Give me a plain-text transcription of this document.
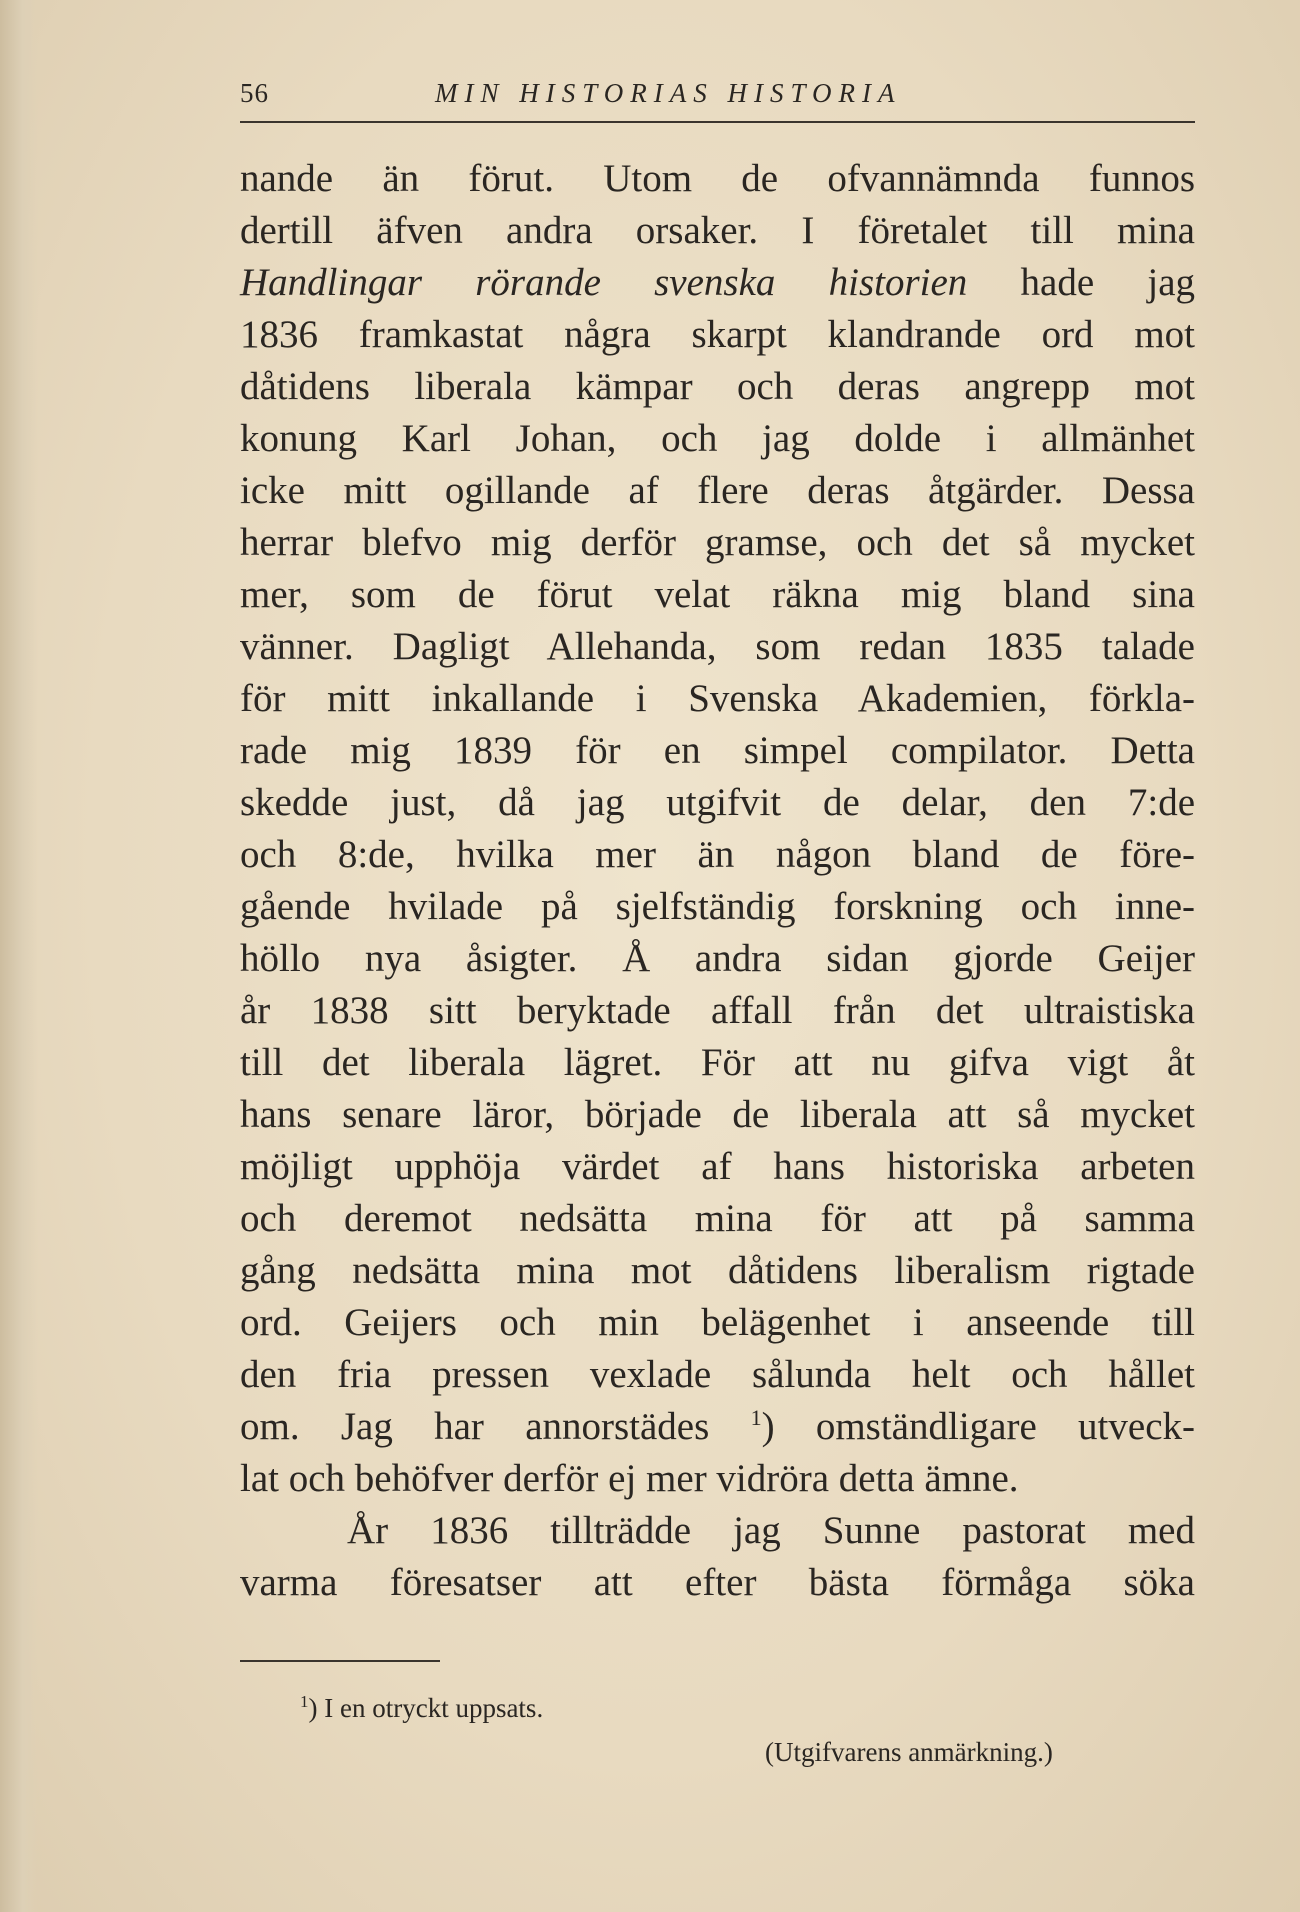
56	MIN HISTORIAS HISTORIA
nande än förut. Utom de ofvannämnda funnos
dertill äfven andra orsaker. I företalet till mina
Handlingar rörande svenska historien hade jag
1836 framkastat några skarpt klandrande ord mot
dåtidens liberala kämpar och deras angrepp mot
konung Karl Johan, och jag dolde i allmänhet
icke mitt ogillande af flere deras åtgärder. Dessa
herrar blefvo mig derför gramse, och det så mycket
mer, som de förut velat räkna mig bland sina
vänner. Dagligt Allehanda, som redan 1835 talade
för mitt inkallande i Svenska Akademien, förkla-
rade mig 1839 för en simpel compilator. Detta
skedde just, då jag utgifvit de delar, den 7:de
och 8:de, hvilka mer än någon bland de före-
gående hvilade på sjelfständig forskning och inne-
höllo nya åsigter. Å andra sidan gjorde Geijer
år 1838 sitt beryktade affall från det ultraistiska
till det liberala lägret. För att nu gifva vigt åt
hans senare läror, började de liberala att så mycket
möjligt upphöja värdet af hans historiska arbeten
och deremot nedsätta mina för att på samma
gång nedsätta mina mot dåtidens liberalism rigtade
ord. Geijers och min belägenhet i anseende till
den fria pressen vexlade sålunda helt och hållet
om. Jag har annorstädes $^1$) omständligare utveck-
lat och behöfver derför ej mer vidröra detta ämne.
År 1836 tillträdde jag Sunne pastorat med
varma föresatser att efter bästa förmåga söka
$^1$) I en otryckt uppsats.
(Utgifvarens anmärkning.)
